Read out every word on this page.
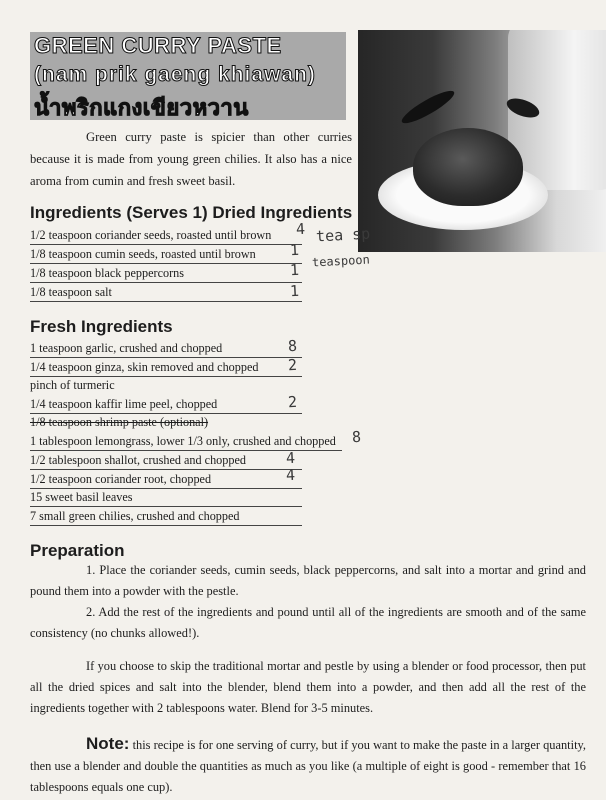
GREEN CURRY PASTE
(nam prik gaeng khiawan)
น้ำพริกแกงเขียวหวาน
Green curry paste is spicier than other curries because it is made from young green chilies. It also has a nice aroma from cumin and fresh sweet basil.
Ingredients (Serves 1) Dried Ingredients
1/2 teaspoon coriander seeds, roasted until brown
1/8 teaspoon cumin seeds, roasted until brown
1/8 teaspoon black peppercorns
1/8 teaspoon salt
4 tea sp
1
teaspoon
1
1
Fresh Ingredients
1 teaspoon garlic, crushed and chopped
1/4 teaspoon ginza, skin removed and chopped
pinch of turmeric
1/4 teaspoon kaffir lime peel, chopped
1/8 teaspoon shrimp paste (optional)
1 tablespoon lemongrass, lower 1/3 only, crushed and chopped
1/2 tablespoon shallot, crushed and chopped
1/2 teaspoon coriander root, chopped
15 sweet basil leaves
7 small green chilies, crushed and chopped
8
2
2
8
4
4
Preparation
1. Place the coriander seeds, cumin seeds, black peppercorns, and salt into a mortar and grind and pound them into a powder with the pestle.
2. Add the rest of the ingredients and pound until all of the ingredients are smooth and of the same consistency (no chunks allowed!).
If you choose to skip the traditional mortar and pestle by using a blender or food processor, then put all the dried spices and salt into the blender, blend them into a powder, and then add all the rest of the ingredients together with 2 tablespoons water. Blend for 3-5 minutes.
Note: this recipe is for one serving of curry, but if you want to make the paste in a larger quantity, then use a blender and double the quantities as much as you like (a multiple of eight is good - remember that 16 tablespoons equals one cup).
